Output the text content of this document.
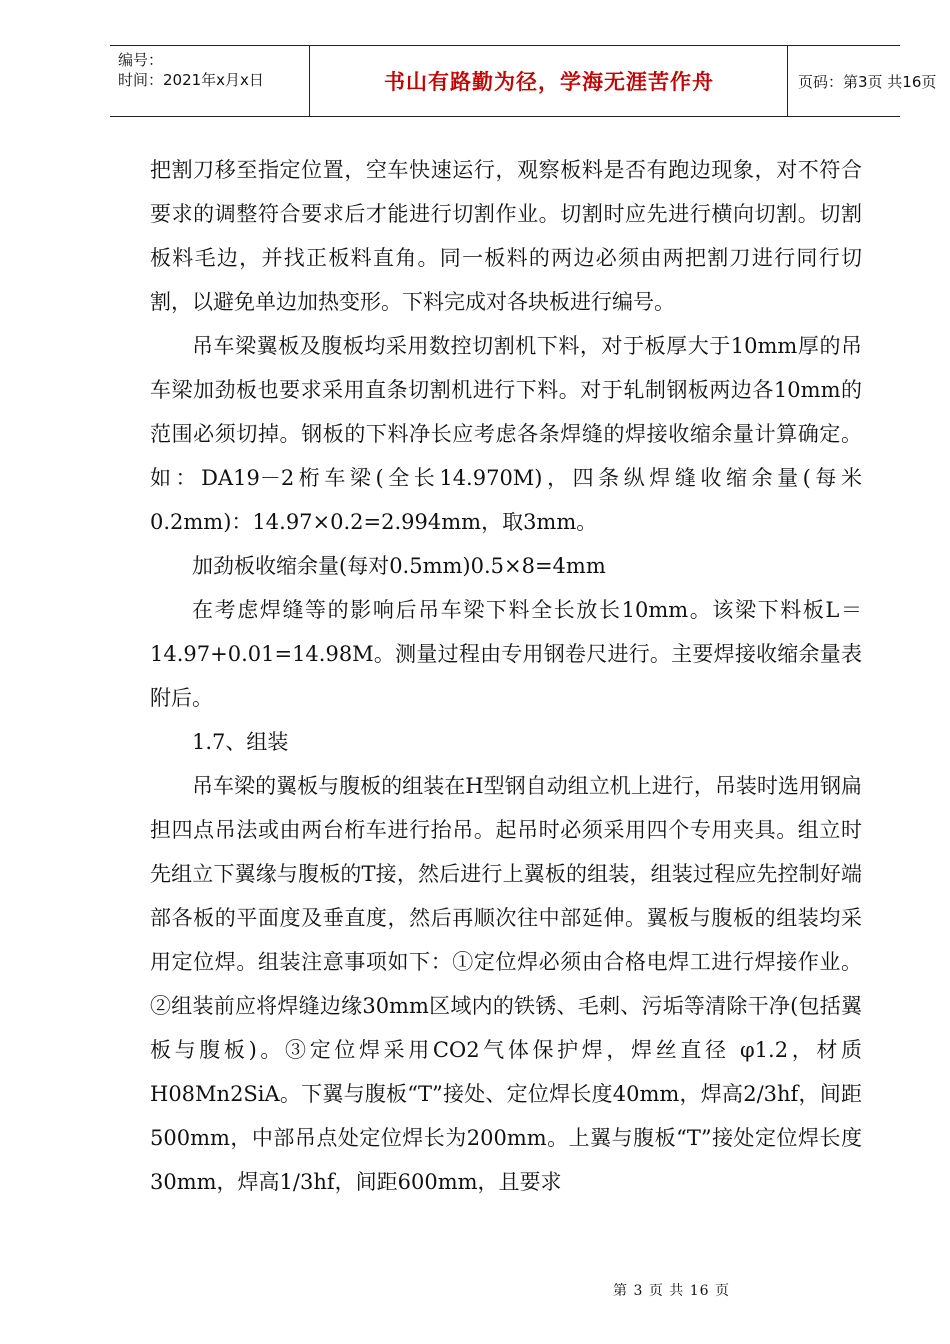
编号：
时间：2021年x月x日	书山有路勤为径，学海无涯苦作舟	页码：第3页 共16页

把割刀移至指定位置，空车快速运行，观察板料是否有跑边现象，对不符合要求的调整符合要求后才能进行切割作业。切割时应先进行横向切割。切割板料毛边，并找正板料直角。同一板料的两边必须由两把割刀进行同行切割，以避免单边加热变形。下料完成对各块板进行编号。

吊车梁翼板及腹板均采用数控切割机下料，对于板厚大于10mm厚的吊车梁加劲板也要求采用直条切割机进行下料。对于轧制钢板两边各10mm的范围必须切掉。钢板的下料净长应考虑各条焊缝的焊接收缩余量计算确定。如：DA19－2桁车梁(全长14.970M)，四条纵焊缝收缩余量(每米0.2mm)：14.97×0.2=2.994mm，取3mm。

加劲板收缩余量(每对0.5mm)0.5×8=4mm

在考虑焊缝等的影响后吊车梁下料全长放长10mm。该梁下料板L＝14.97+0.01=14.98M。测量过程由专用钢卷尺进行。主要焊接收缩余量表附后。

1.7、组装

吊车梁的翼板与腹板的组装在H型钢自动组立机上进行，吊装时选用钢扁担四点吊法或由两台桁车进行抬吊。起吊时必须采用四个专用夹具。组立时先组立下翼缘与腹板的T接，然后进行上翼板的组装，组装过程应先控制好端部各板的平面度及垂直度，然后再顺次往中部延伸。翼板与腹板的组装均采用定位焊。组装注意事项如下：①定位焊必须由合格电焊工进行焊接作业。②组装前应将焊缝边缘30mm区域内的铁锈、毛刺、污垢等清除干净(包括翼板与腹板)。③定位焊采用CO2气体保护焊，焊丝直径 φ1.2，材质H08Mn2SiA。下翼与腹板“T”接处、定位焊长度40mm，焊高2/3hf，间距500mm，中部吊点处定位焊长为200mm。上翼与腹板“T”接处定位焊长度30mm，焊高1/3hf，间距600mm，且要求

第 3 页 共 16 页
